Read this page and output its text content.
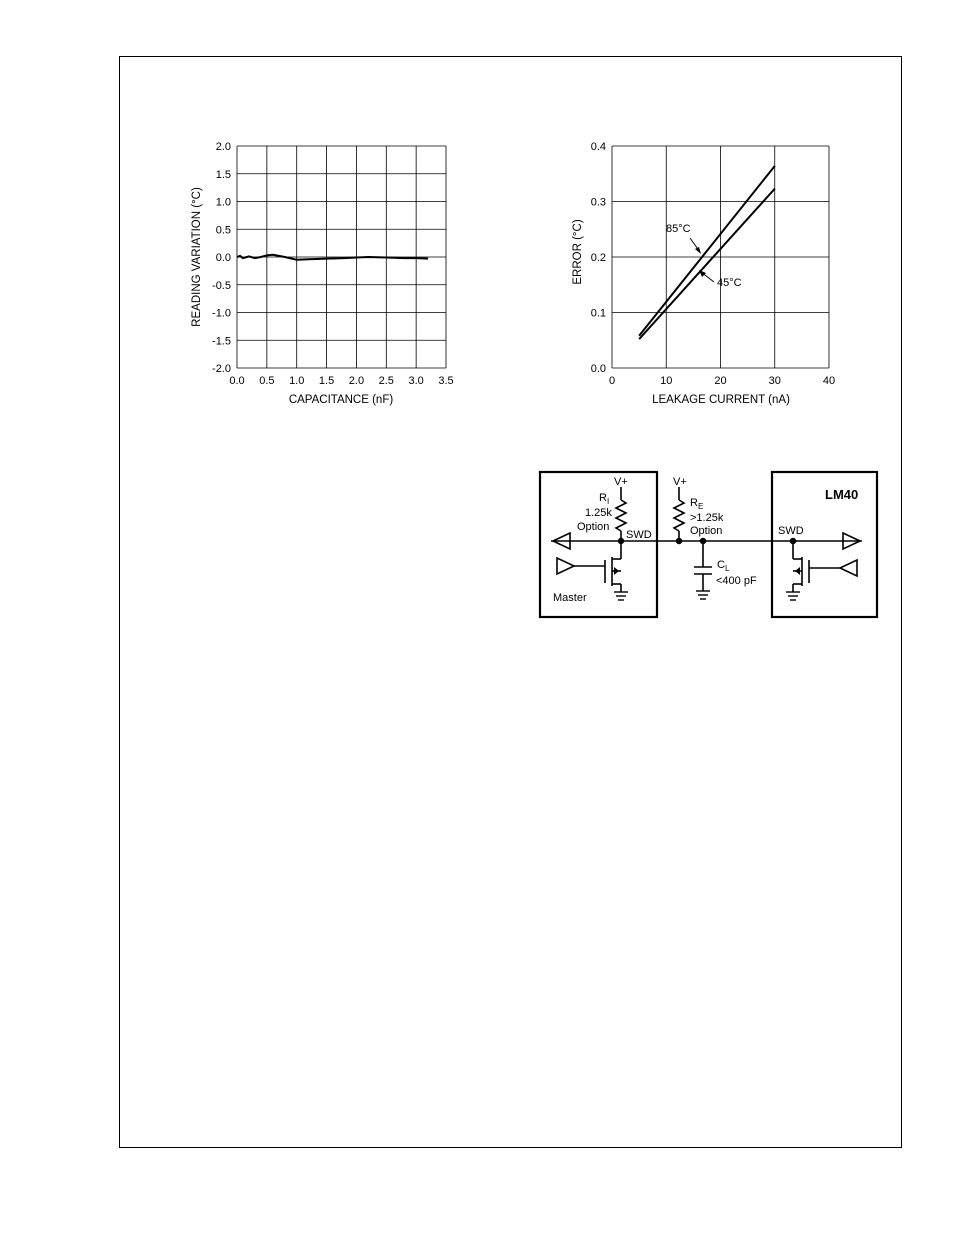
0.0 0.5 1.0 1.5 2.0 2.5 3.0 3.5
-2.0
-1.5
-1.0
-0.5
0.0
0.5
1.0
1.5
2.0
CAPACITANCE (nF)
READING VARIATION (°C)
0	10	20	30	40
0.0
0.1
0.2
0.3
0.4
85°C
45°C
LEAKAGE CURRENT (nA)
ERROR (°C)
V+	V+
$R_I$
1.25k
Option
SWD
$R_E$
>1.25k
Option
$C_L$
<400 pF
SWD
Master
LM40
